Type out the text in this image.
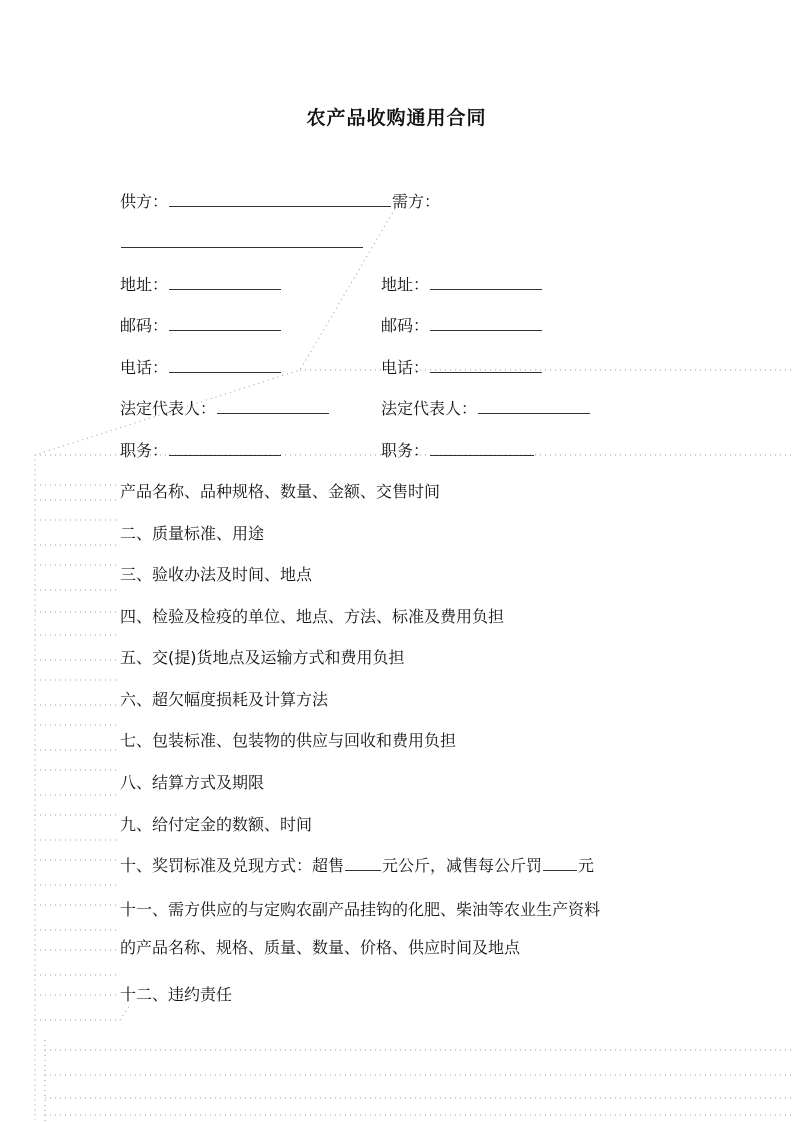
农产品收购通用合同
供方：	需方：
地址：
邮码：
电话：
法定代表人：
职务：
地址：
邮码：
电话：
法定代表人：
职务：
产品名称、品种规格、数量、金额、交售时间
二、质量标准、用途
三、验收办法及时间、地点
四、检验及检疫的单位、地点、方法、标准及费用负担
五、交(提)货地点及运输方式和费用负担
六、超欠幅度损耗及计算方法
七、包装标准、包装物的供应与回收和费用负担
八、结算方式及期限
九、给付定金的数额、时间
十、奖罚标准及兑现方式：超售 元公斤，减售每公斤罚 元
十一、需方供应的与定购农副产品挂钩的化肥、柴油等农业生产资料
的产品名称、规格、质量、数量、价格、供应时间及地点
十二、违约责任
